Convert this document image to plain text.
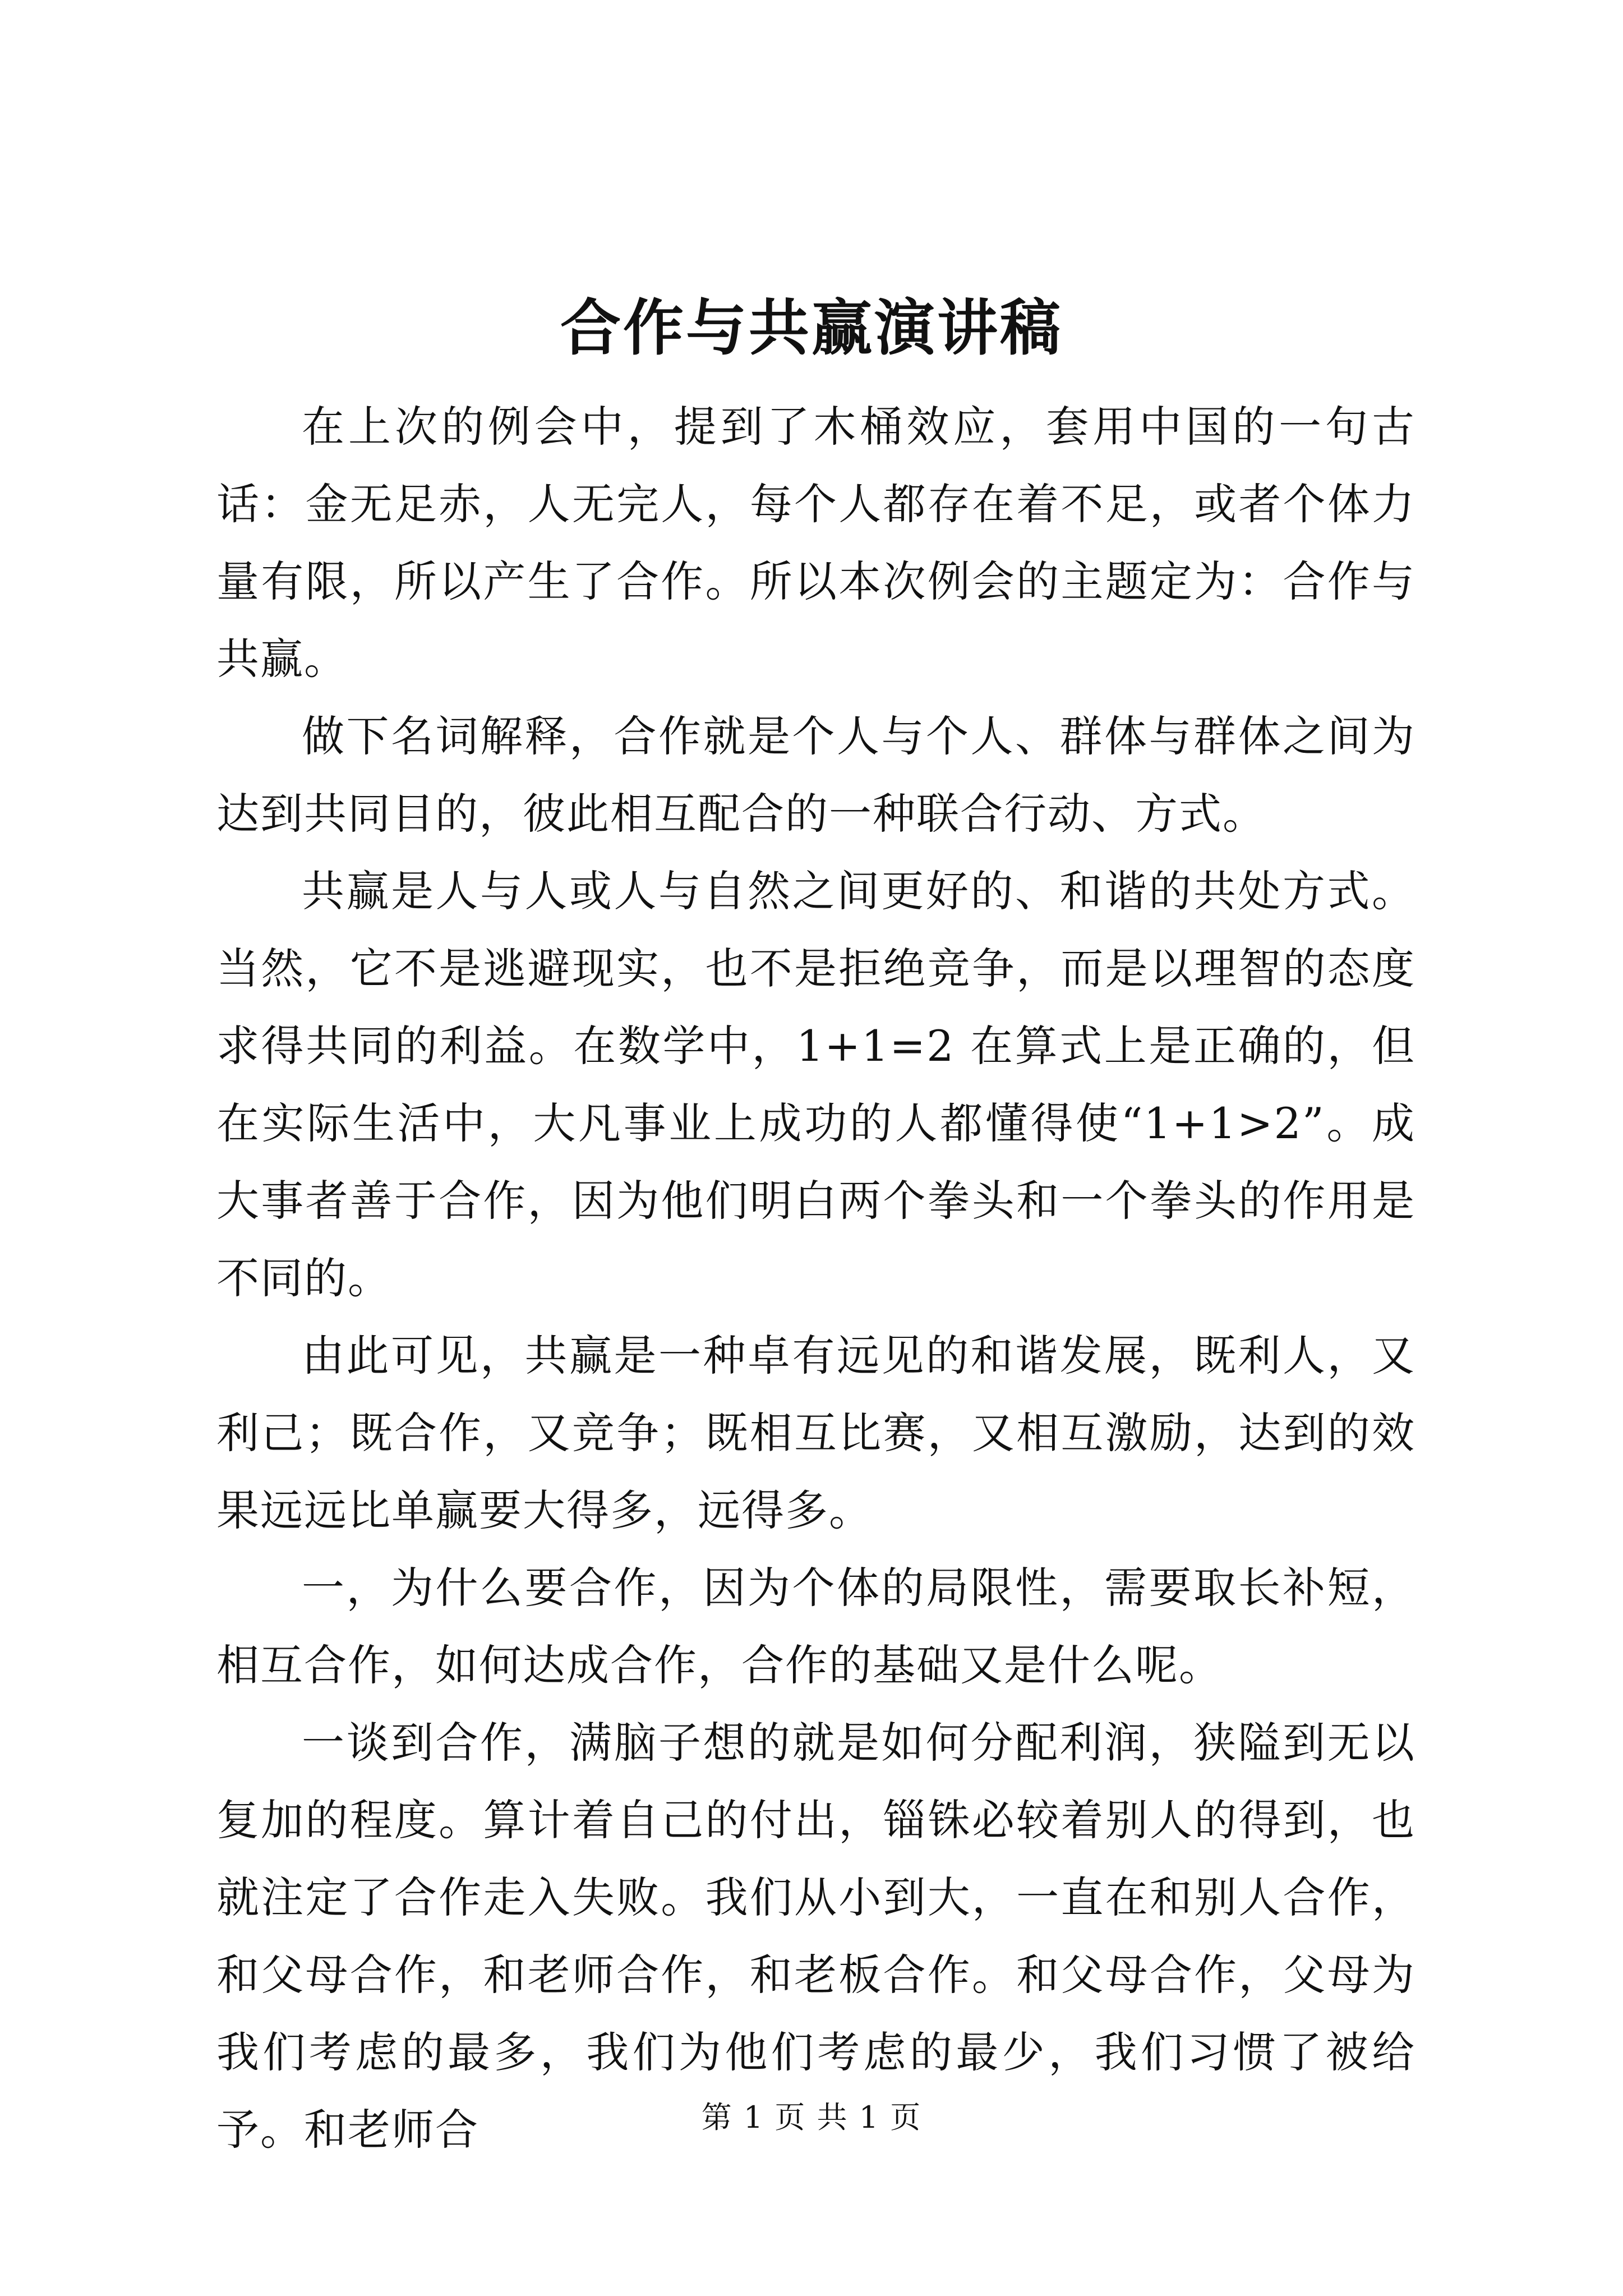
合作与共赢演讲稿

在上次的例会中，提到了木桶效应，套用中国的一句古话：金无足赤，人无完人，每个人都存在着不足，或者个体力量有限，所以产生了合作。所以本次例会的主题定为：合作与共赢。

做下名词解释，合作就是个人与个人、群体与群体之间为达到共同目的，彼此相互配合的一种联合行动、方式。

共赢是人与人或人与自然之间更好的、和谐的共处方式。当然，它不是逃避现实，也不是拒绝竞争，而是以理智的态度求得共同的利益。在数学中，1+1=2 在算式上是正确的，但在实际生活中，大凡事业上成功的人都懂得使“1+1>2”。成大事者善于合作，因为他们明白两个拳头和一个拳头的作用是不同的。

由此可见，共赢是一种卓有远见的和谐发展，既利人，又利己；既合作，又竞争；既相互比赛，又相互激励，达到的效果远远比单赢要大得多，远得多。

一，为什么要合作，因为个体的局限性，需要取长补短，相互合作，如何达成合作，合作的基础又是什么呢。

一谈到合作，满脑子想的就是如何分配利润，狭隘到无以复加的程度。算计着自己的付出，锱铢必较着别人的得到，也就注定了合作走入失败。我们从小到大，一直在和别人合作，和父母合作，和老师合作，和老板合作。和父母合作，父母为我们考虑的最多，我们为他们考虑的最少，我们习惯了被给予。和老师合	第 1 页 共 1 页
